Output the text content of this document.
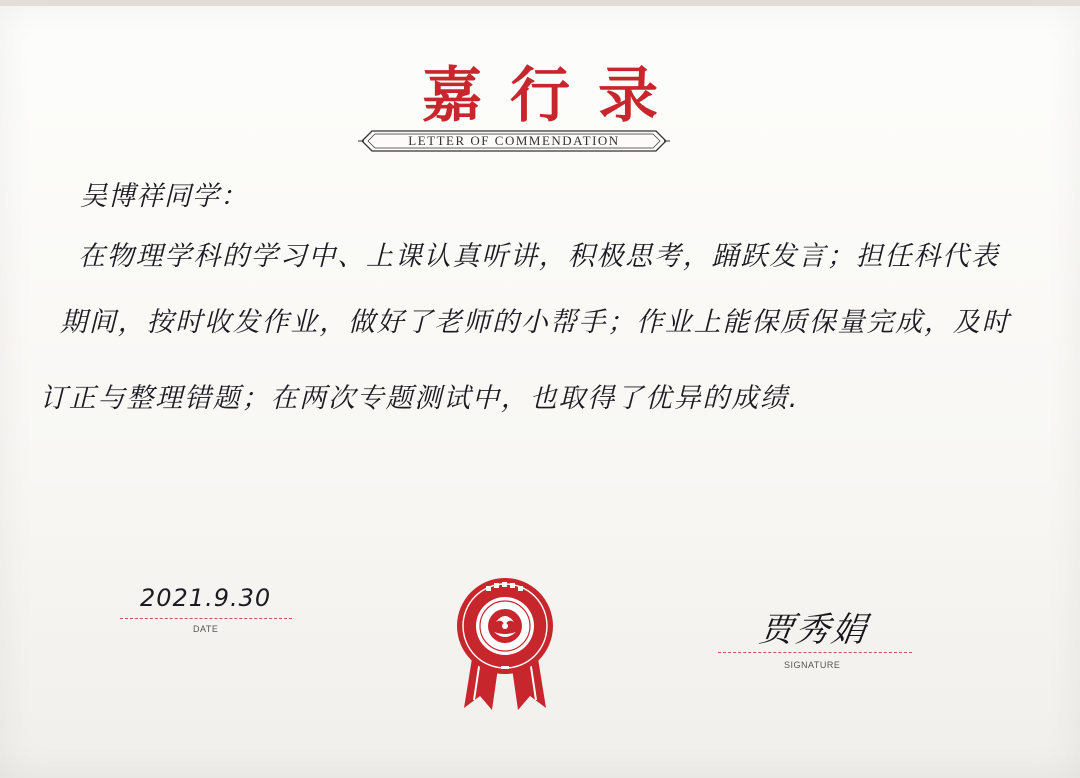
嘉行录
LETTER OF COMMENDATION
吴博祥同学：
在物理学科的学习中、上课认真听讲，积极思考，踊跃发言；担任科代表
期间，按时收发作业，做好了老师的小帮手；作业上能保质保量完成，及时
订正与整理错题；在两次专题测试中，也取得了优异的成绩.
2021.9.30
DATE	贾秀娟
SIGNATURE
